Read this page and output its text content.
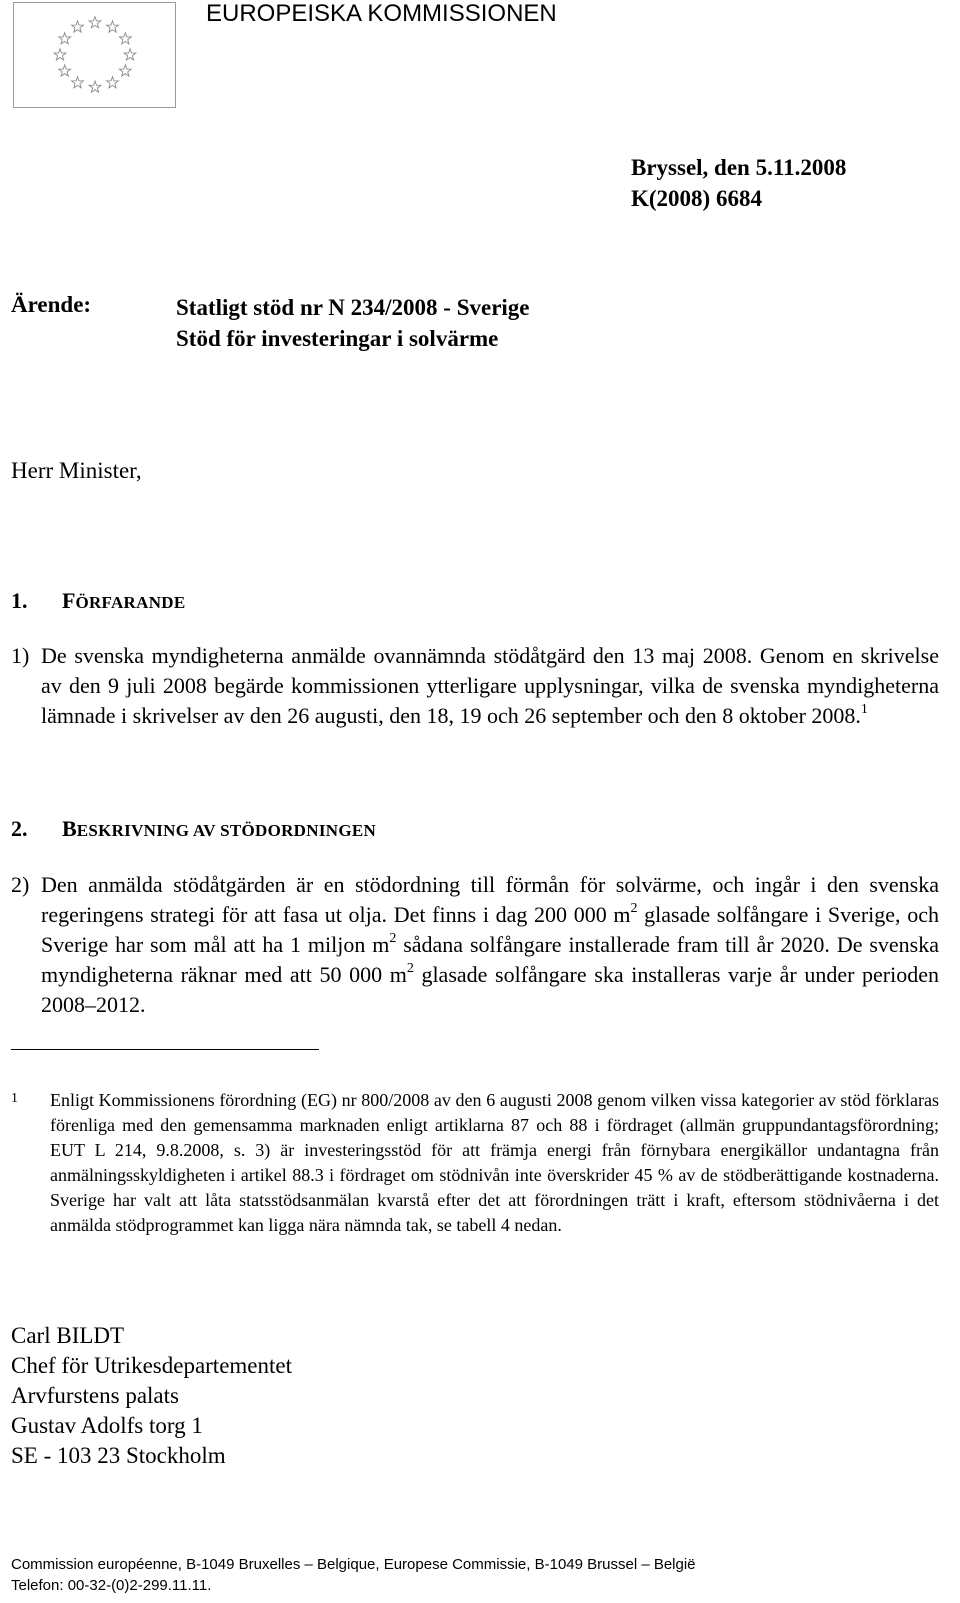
EUROPEISKA KOMMISSIONEN
Bryssel, den 5.11.2008
K(2008) 6684
Ärende:	Statligt stöd nr N 234/2008 - Sverige
Stöd för investeringar i solvärme
Herr Minister,
1. FÖRFARANDE
1) De svenska myndigheterna anmälde ovannämnda stödåtgärd den 13 maj 2008. Genom en skrivelse av den 9 juli 2008 begärde kommissionen ytterligare upplysningar, vilka de svenska myndigheterna lämnade i skrivelser av den 26 augusti, den 18, 19 och 26 september och den 8 oktober 2008.$^1$
2. BESKRIVNING AV STÖDORDNINGEN
2) Den anmälda stödåtgärden är en stödordning till förmån för solvärme, och ingår i den svenska regeringens strategi för att fasa ut olja. Det finns i dag 200 000 $m^2$ glasade solfångare i Sverige, och Sverige har som mål att ha 1 miljon $m^2$ sådana solfångare installerade fram till år 2020. De svenska myndigheterna räknar med att 50 000 $m^2$ glasade solfångare ska installeras varje år under perioden 2008–2012.
1 Enligt Kommissionens förordning (EG) nr 800/2008 av den 6 augusti 2008 genom vilken vissa kategorier av stöd förklaras förenliga med den gemensamma marknaden enligt artiklarna 87 och 88 i fördraget (allmän gruppundantagsförordning; EUT L 214, 9.8.2008, s. 3) är investeringsstöd för att främja energi från förnybara energikällor undantagna från anmälningsskyldigheten i artikel 88.3 i fördraget om stödnivån inte överskrider 45 % av de stödberättigande kostnaderna. Sverige har valt att låta statsstödsanmälan kvarstå efter det att förordningen trätt i kraft, eftersom stödnivåerna i det anmälda stödprogrammet kan ligga nära nämnda tak, se tabell 4 nedan.
Carl BILDT
Chef för Utrikesdepartementet
Arvfurstens palats
Gustav Adolfs torg 1
SE - 103 23 Stockholm
Commission européenne, B-1049 Bruxelles – Belgique, Europese Commissie, B-1049 Brussel – België
Telefon: 00-32-(0)2-299.11.11.
